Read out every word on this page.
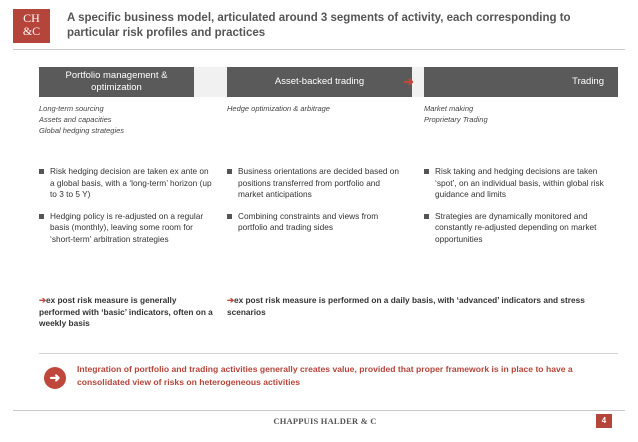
CH
&C
A specific business model, articulated around 3 segments of activity, each corresponding to particular risk profiles and practices
Portfolio management & optimization
Asset-backed trading	➜	Trading
Long-term sourcing
Assets and capacities
Global hedging strategies
Hedge optimization & arbitrage	Market making
Proprietary Trading
Risk hedging decision are taken ex ante on a global basis, with a ‘long-term’ horizon (up to 3 to 5 Y)
Hedging policy is re-adjusted on a regular basis (monthly), leaving some room for ‘short-term’ arbitration strategies
Business orientations are decided based on positions transferred from portfolio and market anticipations
Combining constraints and views from portfolio and trading sides
Risk taking and hedging decisions are taken ‘spot’, on an individual basis, within global risk guidance and limits
Strategies are dynamically monitored and constantly re-adjusted depending on market opportunities
➔ex post risk measure is generally performed with ‘basic’ indicators, often on a weekly basis
➔ex post risk measure is performed on a daily basis, with ‘advanced’ indicators and stress scenarios
➜
Integration of portfolio and trading activities generally creates value, provided that proper framework is in place to have a consolidated view of risks on heterogeneous activities
CHAPPUIS HALDER & C	4
